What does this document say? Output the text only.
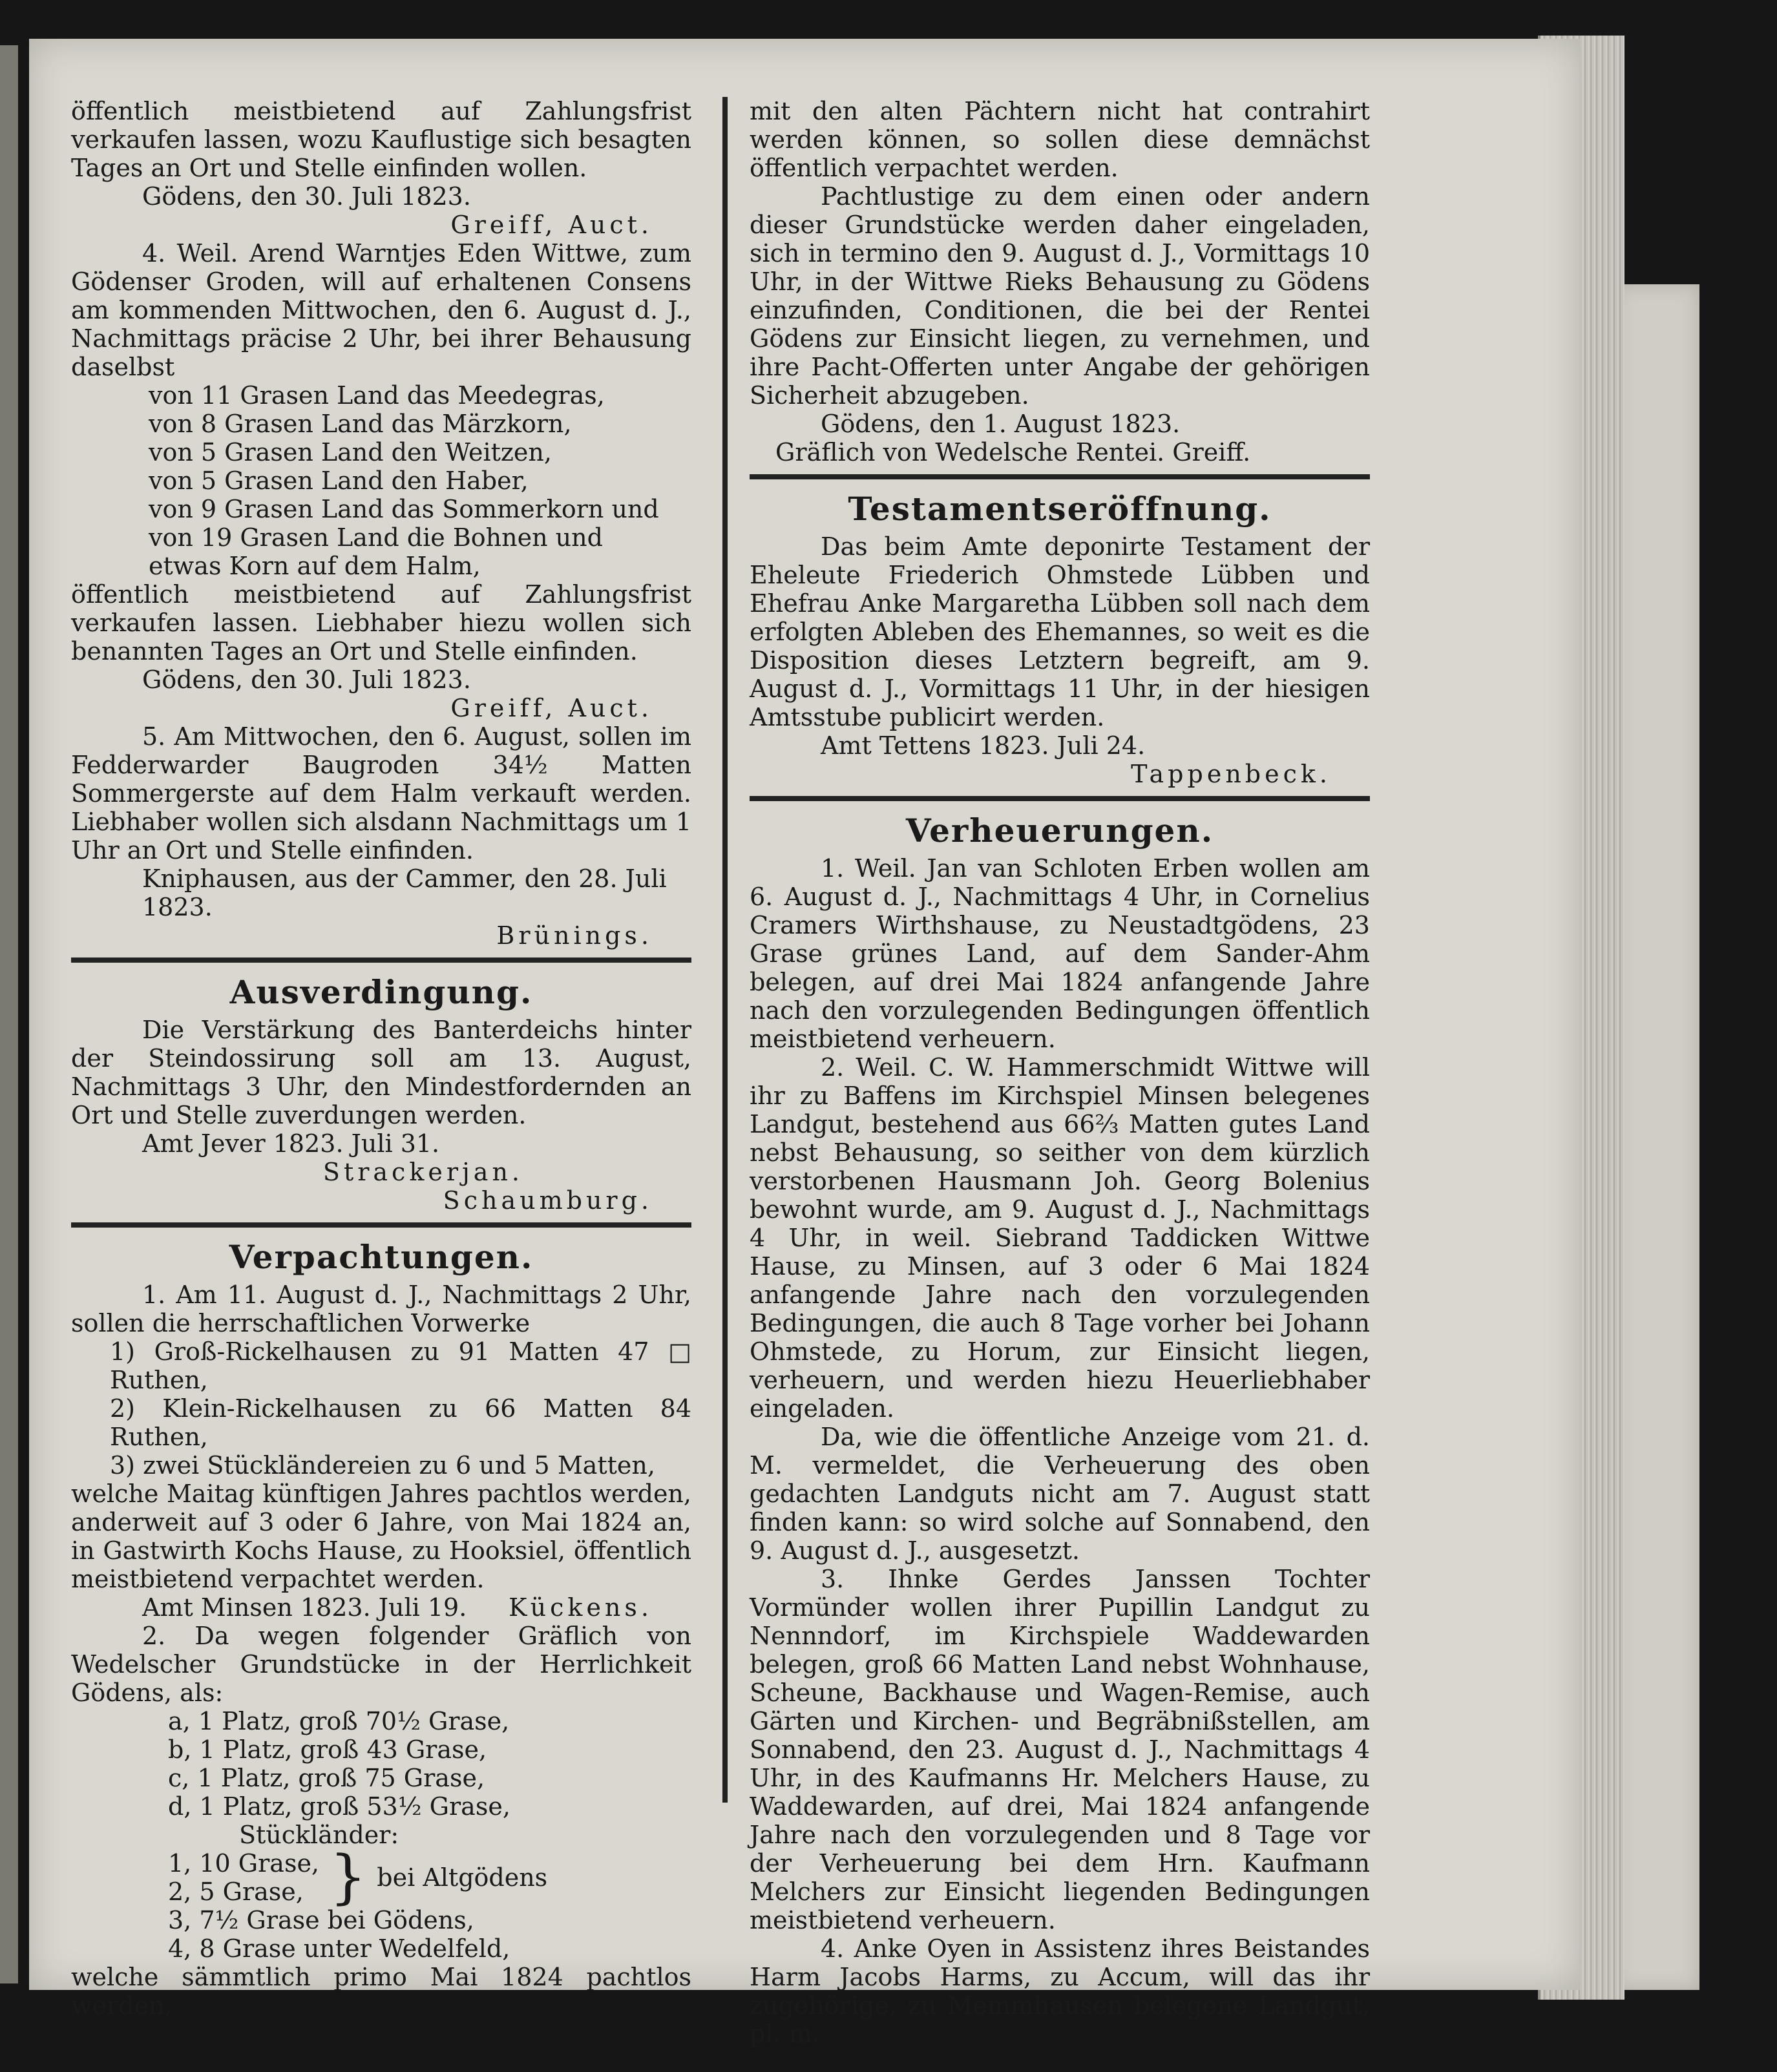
öffentlich meistbietend auf Zahlungsfrist verkaufen lassen, wozu Kauflustige sich besagten Tages an Ort und Stelle einfinden wollen.

Gödens, den 30. Juli 1823.

Greiff, Auct.

4. Weil. Arend Warntjes Eden Wittwe, zum Gödenser Groden, will auf erhaltenen Consens am kommenden Mittwochen, den 6. August d. J., Nachmittags präcise 2 Uhr, bei ihrer Behausung daselbst

von 11 Grasen Land das Meedegras,

von 8 Grasen Land das Märzkorn,

von 5 Grasen Land den Weitzen,

von 5 Grasen Land den Haber,

von 9 Grasen Land das Sommerkorn und

von 19 Grasen Land die Bohnen und

etwas Korn auf dem Halm,

öffentlich meistbietend auf Zahlungsfrist verkaufen lassen. Liebhaber hiezu wollen sich benannten Tages an Ort und Stelle einfinden.

Gödens, den 30. Juli 1823.

Greiff, Auct.

5. Am Mittwochen, den 6. August, sollen im Fedderwarder Baugroden 34½ Matten Sommergerste auf dem Halm verkauft werden. Liebhaber wollen sich alsdann Nachmittags um 1 Uhr an Ort und Stelle einfinden.

Kniphausen, aus der Cammer, den 28. Juli 1823.

Brünings.

Ausverdingung.

Die Verstärkung des Banterdeichs hinter der Steindossirung soll am 13. August, Nachmittags 3 Uhr, den Mindestfordernden an Ort und Stelle zuverdungen werden.

Amt Jever 1823. Juli 31.

Strackerjan.

Schaumburg.

Verpachtungen.

1. Am 11. August d. J., Nachmittags 2 Uhr, sollen die herrschaftlichen Vorwerke

1) Groß-Rickelhausen zu 91 Matten 47 □ Ruthen,

2) Klein-Rickelhausen zu 66 Matten 84 Ruthen,

3) zwei Stückländereien zu 6 und 5 Matten,

welche Maitag künftigen Jahres pachtlos werden, anderweit auf 3 oder 6 Jahre, von Mai 1824 an, in Gastwirth Kochs Hause, zu Hooksiel, öffentlich meistbietend verpachtet werden.

Amt Minsen 1823. Juli 19. Kückens.

2. Da wegen folgender Gräflich von Wedelscher Grundstücke in der Herrlichkeit Gödens, als:

a, 1 Platz, groß 70½ Grase,

b, 1 Platz, groß 43 Grase,

c, 1 Platz, groß 75 Grase,

d, 1 Platz, groß 53½ Grase,

Stückländer:

1, 10 Grase,
2, 5 Grase, } bei Altgödens

3, 7½ Grase bei Gödens,

4, 8 Grase unter Wedelfeld,

welche sämmtlich primo Mai 1824 pachtlos werden,

mit den alten Pächtern nicht hat contrahirt werden können, so sollen diese demnächst öffentlich verpachtet werden.

Pachtlustige zu dem einen oder andern dieser Grundstücke werden daher eingeladen, sich in termino den 9. August d. J., Vormittags 10 Uhr, in der Wittwe Rieks Behausung zu Gödens einzufinden, Conditionen, die bei der Rentei Gödens zur Einsicht liegen, zu vernehmen, und ihre Pacht-Offerten unter Angabe der gehörigen Sicherheit abzugeben.

Gödens, den 1. August 1823.

Gräflich von Wedelsche Rentei. Greiff.

Testamentseröffnung.

Das beim Amte deponirte Testament der Eheleute Friederich Ohmstede Lübben und Ehefrau Anke Margaretha Lübben soll nach dem erfolgten Ableben des Ehemannes, so weit es die Disposition dieses Letztern begreift, am 9. August d. J., Vormittags 11 Uhr, in der hiesigen Amtsstube publicirt werden.

Amt Tettens 1823. Juli 24.

Tappenbeck.

Verheuerungen.

1. Weil. Jan van Schloten Erben wollen am 6. August d. J., Nachmittags 4 Uhr, in Cornelius Cramers Wirthshause, zu Neustadtgödens, 23 Grase grünes Land, auf dem Sander-Ahm belegen, auf drei Mai 1824 anfangende Jahre nach den vorzulegenden Bedingungen öffentlich meistbietend verheuern.

2. Weil. C. W. Hammerschmidt Wittwe will ihr zu Baffens im Kirchspiel Minsen belegenes Landgut, bestehend aus 66⅔ Matten gutes Land nebst Behausung, so seither von dem kürzlich verstorbenen Hausmann Joh. Georg Bolenius bewohnt wurde, am 9. August d. J., Nachmittags 4 Uhr, in weil. Siebrand Taddicken Wittwe Hause, zu Minsen, auf 3 oder 6 Mai 1824 anfangende Jahre nach den vorzulegenden Bedingungen, die auch 8 Tage vorher bei Johann Ohmstede, zu Horum, zur Einsicht liegen, verheuern, und werden hiezu Heuerliebhaber eingeladen.

Da, wie die öffentliche Anzeige vom 21. d. M. vermeldet, die Verheuerung des oben gedachten Landguts nicht am 7. August statt finden kann: so wird solche auf Sonnabend, den 9. August d. J., ausgesetzt.

3. Ihnke Gerdes Janssen Tochter Vormünder wollen ihrer Pupillin Landgut zu Nennndorf, im Kirchspiele Waddewarden belegen, groß 66 Matten Land nebst Wohnhause, Scheune, Backhause und Wagen-Remise, auch Gärten und Kirchen- und Begräbnißstellen, am Sonnabend, den 23. August d. J., Nachmittags 4 Uhr, in des Kaufmanns Hr. Melchers Hause, zu Waddewarden, auf drei, Mai 1824 anfangende Jahre nach den vorzulegenden und 8 Tage vor der Verheuerung bei dem Hrn. Kaufmann Melchers zur Einsicht liegenden Bedingungen meistbietend verheuern.

4. Anke Oyen in Assistenz ihres Beistandes Harm Jacobs Harms, zu Accum, will das ihr zugehörige, zu Memmhausen belegene Landgut, pl. m.
